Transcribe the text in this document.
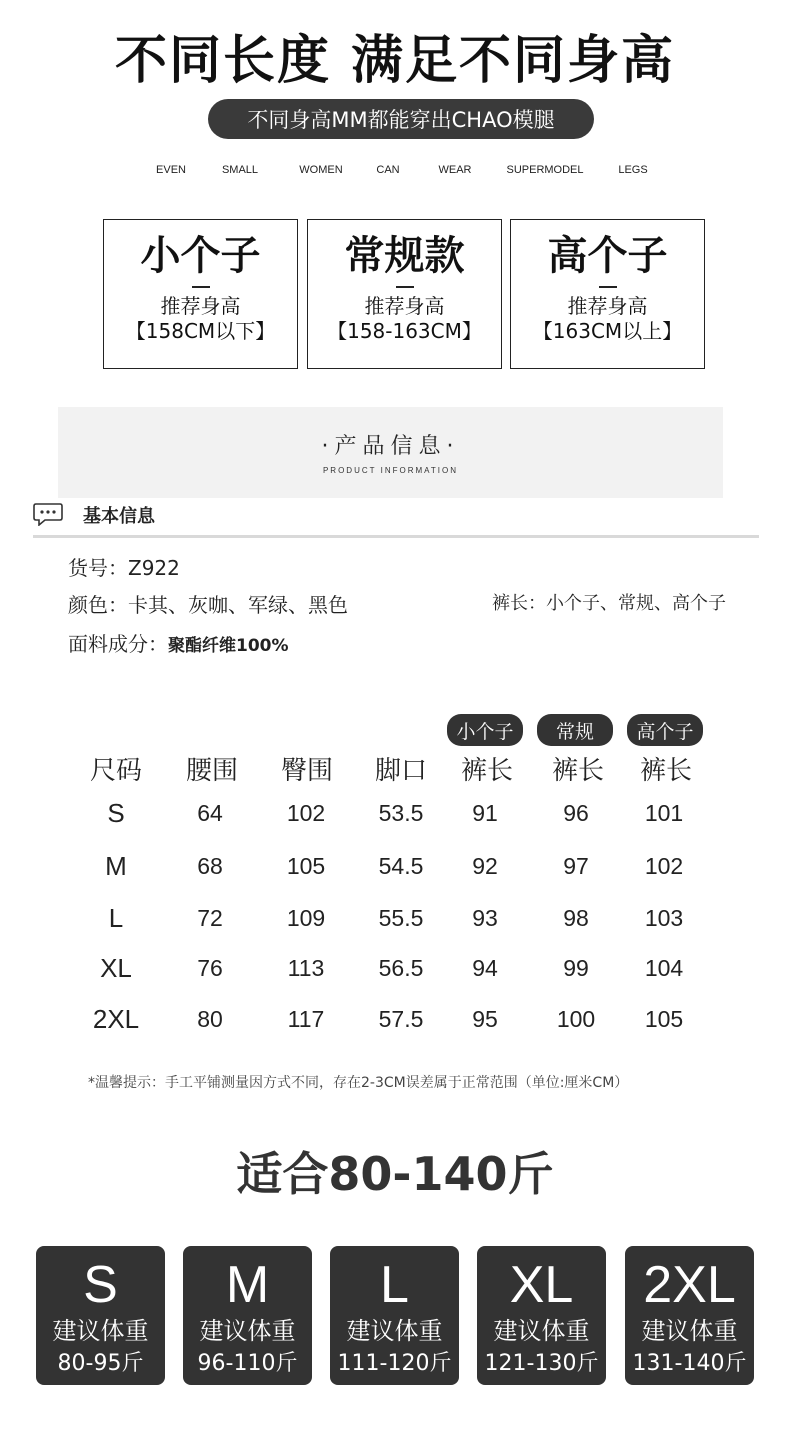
不同长度 满足不同身高
不同身高MM都能穿出CHAO模腿
EVEN	SMALL	WOMEN	CAN	WEAR	SUPERMODEL	LEGS
小个子
推荐身高
【158CM以下】
常规款
推荐身高
【158-163CM】
高个子
推荐身高
【163CM以上】
·产品信息·
PRODUCT INFORMATION
基本信息
货号：Z922
颜色：卡其、灰咖、军绿、黑色	裤长：小个子、常规、高个子
面料成分：聚酯纤维100%
小个子 常规 高个子
尺码 腰围 臀围 脚口 裤长 裤长 裤长
S	64	102 53.5 91	96 101
M	68	105 54.5 92	97 102
L	72	109 55.5 93	98 103
XL	76	113 56.5 94	99 104
2XL	80	117 57.5 95	100 105
*温馨提示：手工平铺测量因方式不同，存在2-3CM误差属于正常范围（单位:厘米CM）
适合80-140斤
S
建议体重
80-95斤
M
建议体重
96-110斤
L
建议体重
111-120斤
XL
建议体重
121-130斤
2XL
建议体重
131-140斤
